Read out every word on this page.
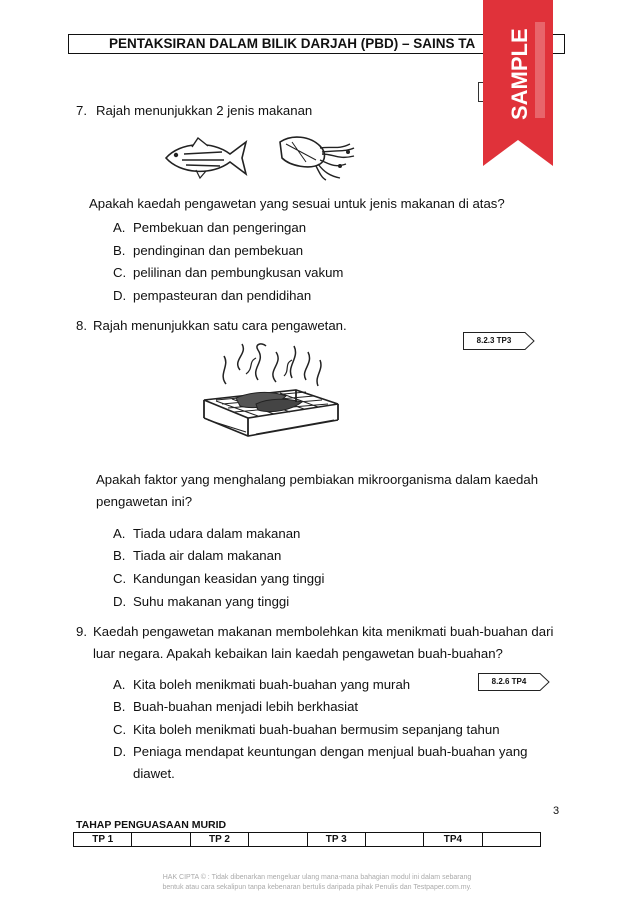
PENTAKSIRAN DALAM BILIK DARJAH (PBD) – SAINS TA	SAMPLE
7. Rajah menunjukkan 2 jenis makanan
Apakah kaedah pengawetan yang sesuai untuk jenis makanan di atas?
A. Pembekuan dan pengeringan
B. pendinginan dan pembekuan
C. pelilinan dan pembungkusan vakum
D. pempasteuran dan pendidihan
8. Rajah menunjukkan satu cara pengawetan.
8.2.3 TP3
Apakah faktor yang menghalang pembiakan mikroorganisma dalam kaedah
pengawetan ini?
A. Tiada udara dalam makanan
B. Tiada air dalam makanan
C. Kandungan keasidan yang tinggi
D. Suhu makanan yang tinggi
9. Kaedah pengawetan makanan membolehkan kita menikmati buah-buahan dari
luar negara. Apakah kebaikan lain kaedah pengawetan buah-buahan?
8.2.6 TP4
A. Kita boleh menikmati buah-buahan yang murah
B. Buah-buahan menjadi lebih berkhasiat
C. Kita boleh menikmati buah-buahan bermusim sepanjang tahun
D. Peniaga mendapat keuntungan dengan menjual buah-buahan yang
diawet.
3
TAHAP PENGUASAAN MURID
TP 1		TP 2		TP 3		TP4	
HAK CIPTA © : Tidak dibenarkan mengeluar ulang mana-mana bahagian modul ini dalam sebarang
bentuk atau cara sekalipun tanpa kebenaran bertulis daripada pihak Penulis dan Testpaper.com.my.
